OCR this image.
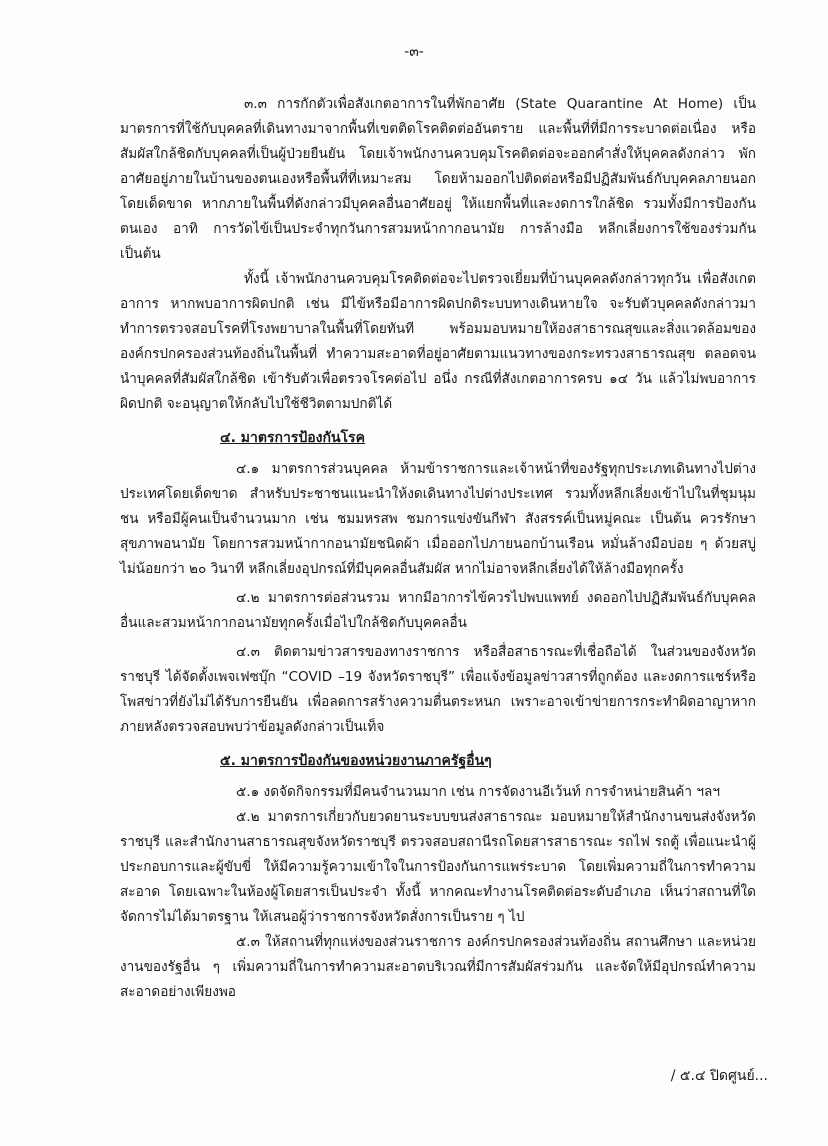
-๓-

๓.๓ การกักตัวเพื่อสังเกตอาการในที่พักอาศัย (State Quarantine At Home) เป็นมาตรการที่ใช้กับบุคคลที่เดินทางมาจากพื้นที่เขตติดโรคติดต่ออันตราย และพื้นที่ที่มีการระบาดต่อเนื่อง หรือสัมผัสใกล้ชิดกับบุคคลที่เป็นผู้ป่วยยืนยัน โดยเจ้าพนักงานควบคุมโรคติดต่อจะออกคำสั่งให้บุคคลดังกล่าว พักอาศัยอยู่ภายในบ้านของตนเองหรือพื้นที่ที่เหมาะสม โดยห้ามออกไปติดต่อหรือมีปฏิสัมพันธ์กับบุคคลภายนอกโดยเด็ดขาด หากภายในพื้นที่ดังกล่าวมีบุคคลอื่นอาศัยอยู่ ให้แยกพื้นที่และงดการใกล้ชิด รวมทั้งมีการป้องกันตนเอง อาทิ การวัดไข้เป็นประจำทุกวันการสวมหน้ากากอนามัย การล้างมือ หลีกเลี่ยงการใช้ของร่วมกัน เป็นต้น

ทั้งนี้ เจ้าพนักงานควบคุมโรคติดต่อจะไปตรวจเยี่ยมที่บ้านบุคคลดังกล่าวทุกวัน เพื่อสังเกตอาการ หากพบอาการผิดปกติ เช่น มีไข้หรือมีอาการผิดปกติระบบทางเดินหายใจ จะรับตัวบุคคลดังกล่าวมาทำการตรวจสอบโรคที่โรงพยาบาลในพื้นที่โดยทันที พร้อมมอบหมายให้องสาธารณสุขและสิ่งแวดล้อมขององค์กรปกครองส่วนท้องถิ่นในพื้นที่ ทำความสะอาดที่อยู่อาศัยตามแนวทางของกระทรวงสาธารณสุข ตลอดจนนำบุคคลที่สัมผัสใกล้ชิด เข้ารับตัวเพื่อตรวจโรคต่อไป อนึ่ง กรณีที่สังเกตอาการครบ ๑๔ วัน แล้วไม่พบอาการผิดปกติ จะอนุญาตให้กลับไปใช้ชีวิตตามปกติได้

๔. มาตรการป้องกันโรค

๔.๑ มาตรการส่วนบุคคล ห้ามข้าราชการและเจ้าหน้าที่ของรัฐทุกประเภทเดินทางไปต่างประเทศโดยเด็ดขาด สำหรับประชาชนแนะนำให้งดเดินทางไปต่างประเทศ รวมทั้งหลีกเลี่ยงเข้าไปในที่ชุมนุมชน หรือมีผู้คนเป็นจำนวนมาก เช่น ชมมหรสพ ชมการแข่งขันกีฬา สังสรรค์เป็นหมู่คณะ เป็นต้น ควรรักษาสุขภาพอนามัย โดยการสวมหน้ากากอนามัยชนิดผ้า เมื่อออกไปภายนอกบ้านเรือน หมั่นล้างมือบ่อย ๆ ด้วยสบู่ ไม่น้อยกว่า ๒๐ วินาที หลีกเลี่ยงอุปกรณ์ที่มีบุคคลอื่นสัมผัส หากไม่อาจหลีกเลี่ยงได้ให้ล้างมือทุกครั้ง

๔.๒ มาตรการต่อส่วนรวม หากมีอาการไข้ควรไปพบแพทย์ งดออกไปปฏิสัมพันธ์กับบุคคลอื่นและสวมหน้ากากอนามัยทุกครั้งเมื่อไปใกล้ชิดกับบุคคลอื่น

๔.๓ ติดตามข่าวสารของทางราชการ หรือสื่อสาธารณะที่เชื่อถือได้ ในส่วนของจังหวัดราชบุรี ได้จัดตั้งเพจเฟซบุ๊ก “COVID –19 จังหวัดราชบุรี” เพื่อแจ้งข้อมูลข่าวสารที่ถูกต้อง และงดการแชร์หรือโพสข่าวที่ยังไม่ได้รับการยืนยัน เพื่อลดการสร้างความตื่นตระหนก เพราะอาจเข้าข่ายการกระทำผิดอาญาหากภายหลังตรวจสอบพบว่าข้อมูลดังกล่าวเป็นเท็จ

๕. มาตรการป้องกันของหน่วยงานภาครัฐอื่นๆ

๕.๑ งดจัดกิจกรรมที่มีคนจำนวนมาก เช่น การจัดงานอีเว้นท์ การจำหน่ายสินค้า ฯลฯ

๕.๒ มาตรการเกี่ยวกับยวดยานระบบขนส่งสาธารณะ มอบหมายให้สำนักงานขนส่งจังหวัดราชบุรี และสำนักงานสาธารณสุขจังหวัดราชบุรี ตรวจสอบสถานีรถโดยสารสาธารณะ รถไฟ รถตู้ เพื่อแนะนำผู้ประกอบการและผู้ขับขี่ ให้มีความรู้ความเข้าใจในการป้องกันการแพร่ระบาด โดยเพิ่มความถี่ในการทำความสะอาด โดยเฉพาะในห้องผู้โดยสารเป็นประจำ ทั้งนี้ หากคณะทำงานโรคติดต่อระดับอำเภอ เห็นว่าสถานที่ใดจัดการไม่ได้มาตรฐาน ให้เสนอผู้ว่าราชการจังหวัดสั่งการเป็นราย ๆ ไป

๕.๓ ให้สถานที่ทุกแห่งของส่วนราชการ องค์กรปกครองส่วนท้องถิ่น สถานศึกษา และหน่วยงานของรัฐอื่น ๆ เพิ่มความถี่ในการทำความสะอาดบริเวณที่มีการสัมผัสร่วมกัน และจัดให้มีอุปกรณ์ทำความสะอาดอย่างเพียงพอ

/ ๕.๔ ปิดศูนย์...
